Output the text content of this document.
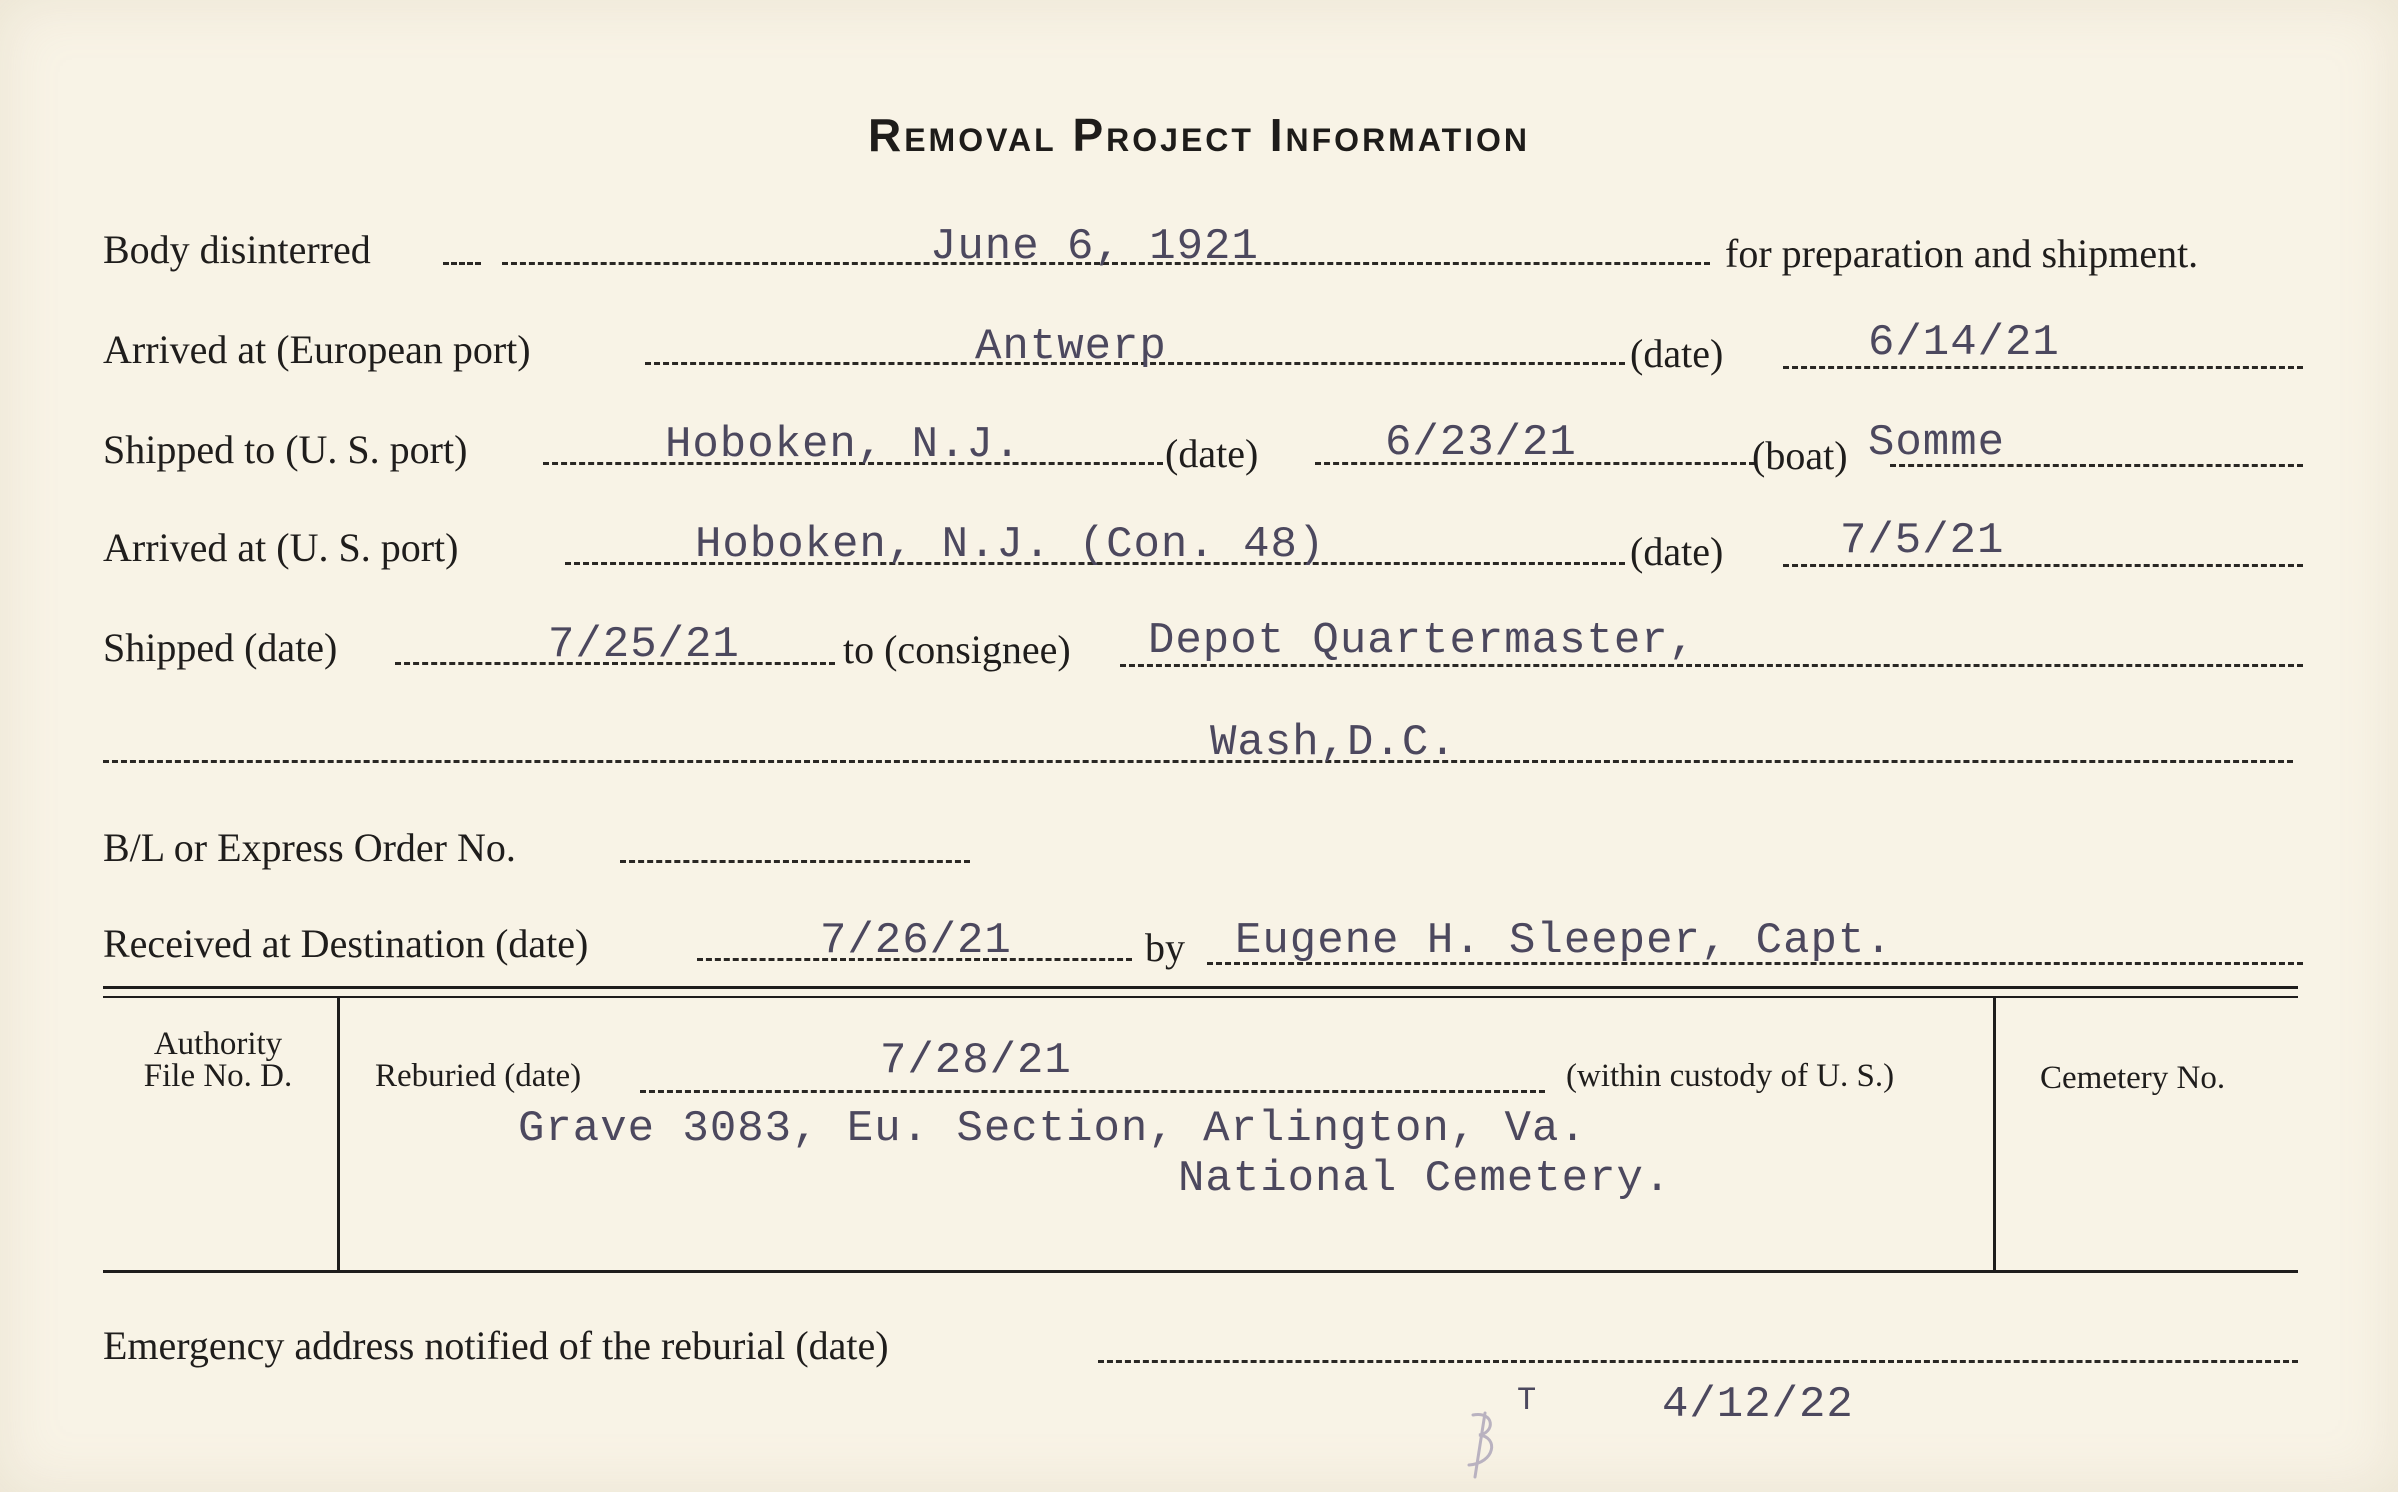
Removal Project Information
Body disinterred	June 6, 1921	for preparation and shipment.
Arrived at (European port)	Antwerp	(date)	6/14/21
Shipped to (U. S. port)	Hoboken, N.J.	(date)	6/23/21	(boat) Somme
Arrived at (U. S. port)	Hoboken, N.J. (Con. 48)	(date)	7/5/21
Shipped (date)	7/25/21	to (consignee) Depot Quartermaster,
Wash,D.C.
B/L or Express Order No.
Received at Destination (date)	7/26/21	by Eugene H. Sleeper, Capt.
Authority
File No. D.	Reburied (date)	7/28/21	(within custody of U. S.)	Cemetery No.
Grave 3083, Eu. Section, Arlington, Va.
National Cemetery.
Emergency address notified of the reburial (date)
T	4/12/22
